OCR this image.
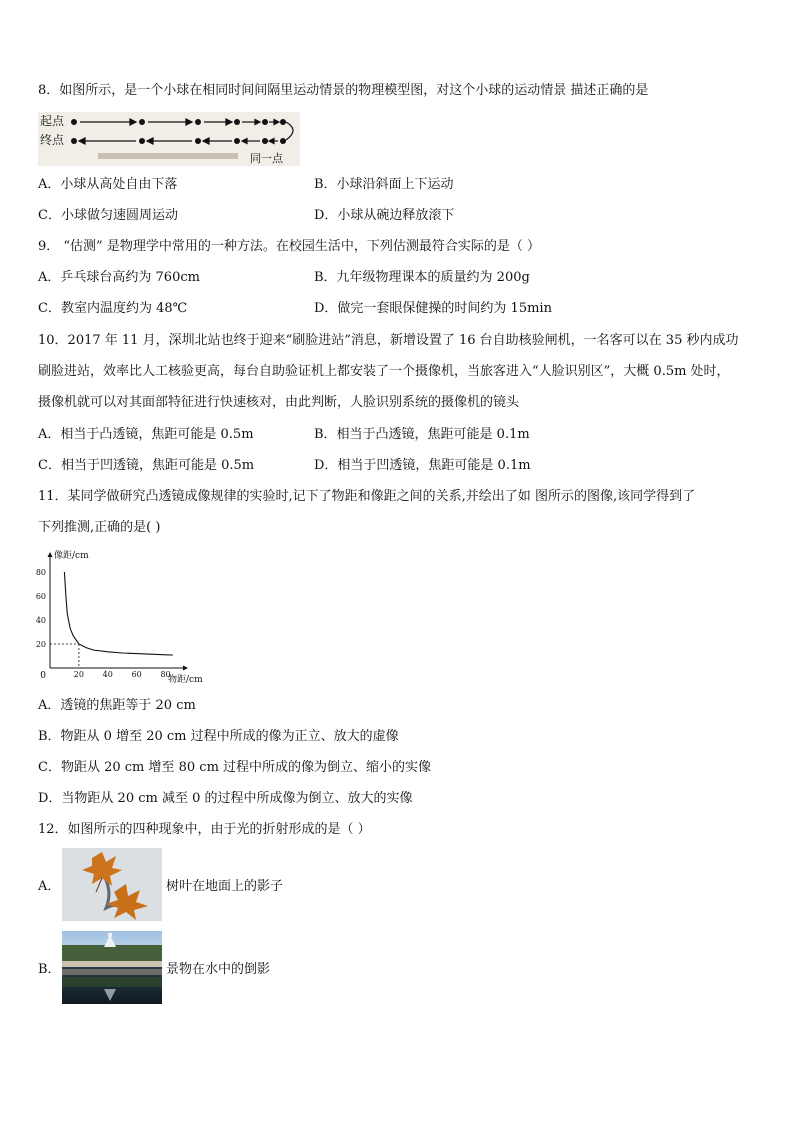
8．如图所示，是一个小球在相同时间间隔里运动情景的物理模型图，对这个小球的运动情景 描述正确的是
起点
终点
同一点
A．小球从高处自由下落	B．小球沿斜面上下运动
C．小球做匀速圆周运动	D．小球从碗边释放滚下
9． “估测” 是物理学中常用的一种方法。在校园生活中，下列估测最符合实际的是（ ）
A．乒乓球台高约为 760cm	B．九年级物理课本的质量约为 200g
C．教室内温度约为 48℃	D．做完一套眼保健操的时间约为 15min
10．2017 年 11 月，深圳北站也终于迎来“刷脸进站”消息，新增设置了 16 台自助核验闸机，一名客可以在 35 秒内成功
刷脸进站，效率比人工核验更高，每台自助验证机上都安装了一个摄像机，当旅客进入“人脸识别区”，大概 0.5m 处时，
摄像机就可以对其面部特征进行快速核对，由此判断，人脸识别系统的摄像机的镜头
A．相当于凸透镜，焦距可能是 0.5m	B．相当于凸透镜，焦距可能是 0.1m
C．相当于凹透镜，焦距可能是 0.5m	D．相当于凹透镜，焦距可能是 0.1m
11．某同学做研究凸透镜成像规律的实验时,记下了物距和像距之间的关系,并绘出了如 图所示的图像,该同学得到了
下列推测,正确的是( )
20 40 60 80
20
40
60
80
像距/cm
物距/cm
0
A．透镜的焦距等于 20 cm
B．物距从 0 增至 20 cm 过程中所成的像为正立、放大的虚像
C．物距从 20 cm 增至 80 cm 过程中所成的像为倒立、缩小的实像
D．当物距从 20 cm 减至 0 的过程中所成像为倒立、放大的实像
12．如图所示的四种现象中，由于光的折射形成的是（ ）
A．	树叶在地面上的影子
B．	景物在水中的倒影
